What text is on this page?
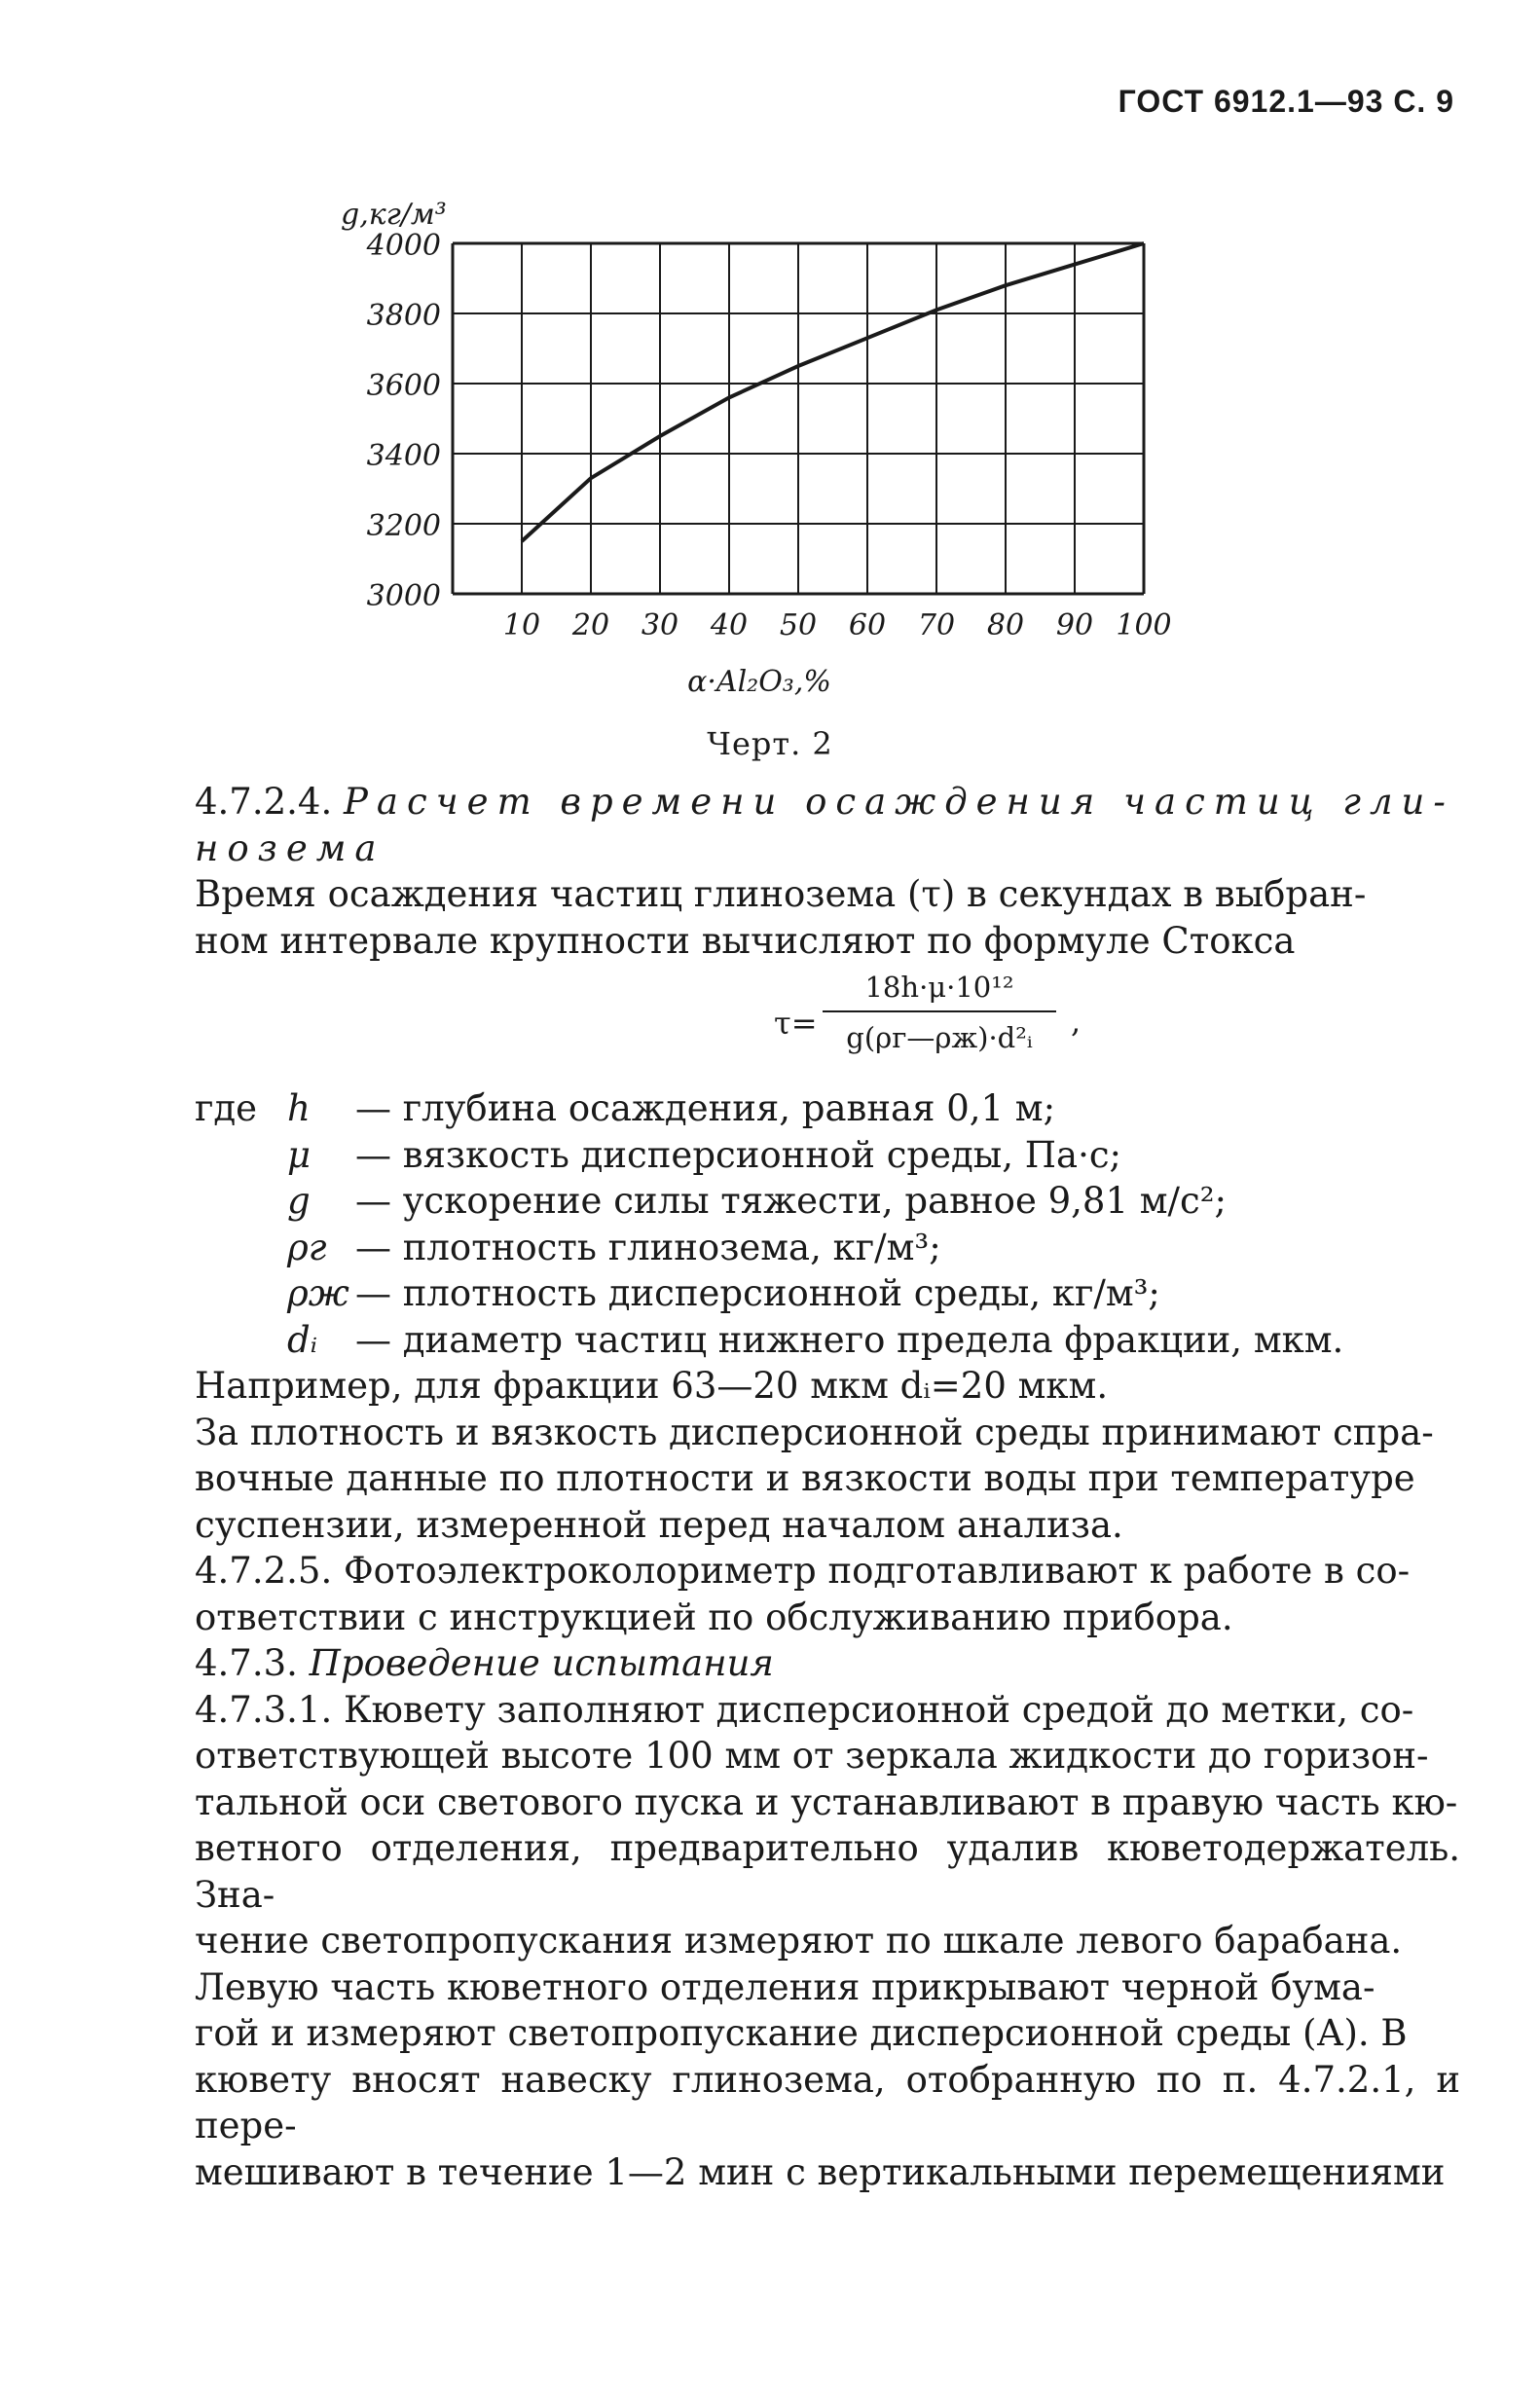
ГОСТ 6912.1—93 С. 9
4000
3800
3600
3400
3200
3000
10 20 30 40 50 60 70 80 90 100
g,кг/м³
α·Al₂O₃,%
Черт. 2

4.7.2.4. Расчет времени осаждения частиц гли-

нозема

Время осаждения частиц глинозема (τ) в секундах в выбран-

ном интервале крупности вычисляют по формуле Стокса

τ=
18h·μ·10¹²
g(ρг—ρж)·d²ᵢ	,
где h — глубина осаждения, равная 0,1 м;
μ — вязкость дисперсионной среды, Па·с;
g — ускорение силы тяжести, равное 9,81 м/с²;
ρг — плотность глинозема, кг/м³;
ρж — плотность дисперсионной среды, кг/м³;
dᵢ — диаметр частиц нижнего предела фракции, мкм.

Например, для фракции 63—20 мкм dᵢ=20 мкм.

За плотность и вязкость дисперсионной среды принимают спра-

вочные данные по плотности и вязкости воды при температуре

суспензии, измеренной перед началом анализа.

4.7.2.5. Фотоэлектроколориметр подготавливают к работе в со-

ответствии с инструкцией по обслуживанию прибора.

4.7.3. Проведение испытания

4.7.3.1. Кювету заполняют дисперсионной средой до метки, со-

ответствующей высоте 100 мм от зеркала жидкости до горизон-

тальной оси светового пуска и устанавливают в правую часть кю-

ветного отделения, предварительно удалив кюветодержатель. Зна-

чение светопропускания измеряют по шкале левого барабана.

Левую часть кюветного отделения прикрывают черной бума-

гой и измеряют светопропускание дисперсионной среды (А). В

кювету вносят навеску глинозема, отобранную по п. 4.7.2.1, и пере-

мешивают в течение 1—2 мин с вертикальными перемещениями
